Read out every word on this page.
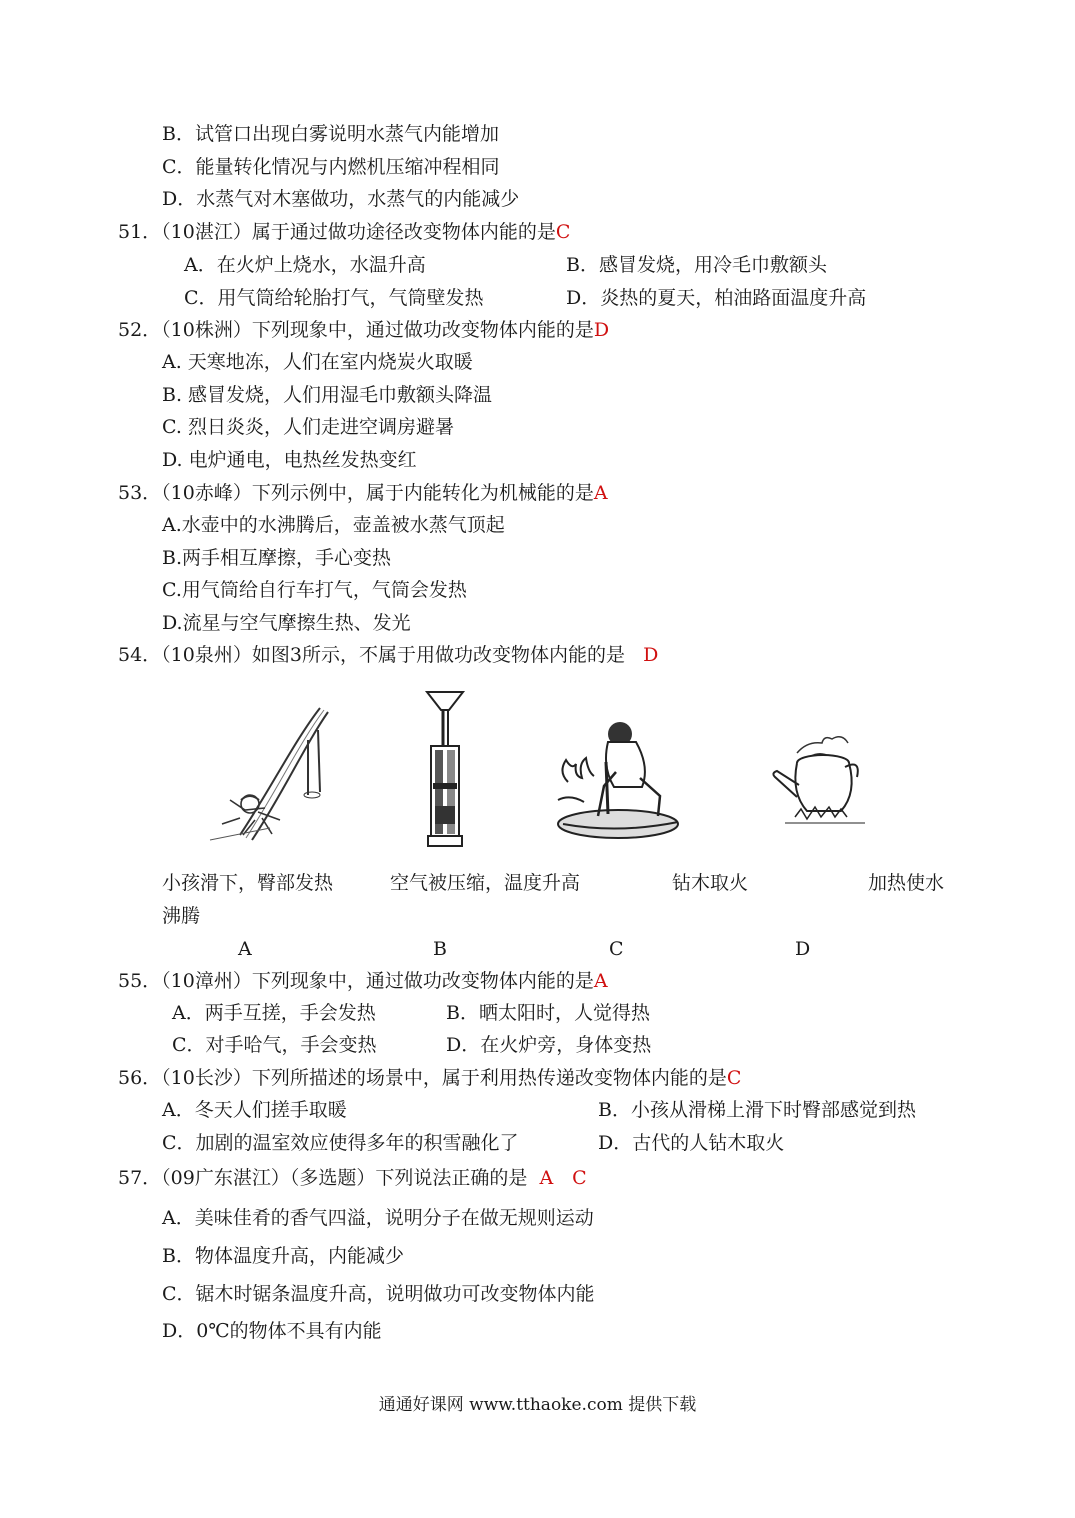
B．试管口出现白雾说明水蒸气内能增加
C．能量转化情况与内燃机压缩冲程相同
D．水蒸气对木塞做功，水蒸气的内能减少
51．（10湛江）属于通过做功途径改变物体内能的是C
A．在火炉上烧水，水温升高	B．感冒发烧，用冷毛巾敷额头
C．用气筒给轮胎打气，气筒壁发热	D．炎热的夏天，柏油路面温度升高
52．（10株洲）下列现象中，通过做功改变物体内能的是D
A. 天寒地冻，人们在室内烧炭火取暖
B. 感冒发烧，人们用湿毛巾敷额头降温
C. 烈日炎炎，人们走进空调房避暑
D. 电炉通电，电热丝发热变红
53．（10赤峰）下列示例中，属于内能转化为机械能的是A
A.水壶中的水沸腾后，壶盖被水蒸气顶起
B.两手相互摩擦，手心变热
C.用气筒给自行车打气，气筒会发热
D.流星与空气摩擦生热、发光
54．（10泉州）如图3所示，不属于用做功改变物体内能的是 D
小孩滑下，臀部发热	空气被压缩，温度升高	钻木取火	加热使水
沸腾
A	B	C	D
55．（10漳州）下列现象中，通过做功改变物体内能的是A
A．两手互搓，手会发热	B．晒太阳时，人觉得热
C．对手哈气，手会变热	D．在火炉旁，身体变热
56．（10长沙）下列所描述的场景中，属于利用热传递改变物体内能的是C
A．冬天人们搓手取暖	B．小孩从滑梯上滑下时臀部感觉到热
C．加剧的温室效应使得多年的积雪融化了	D．古代的人钻木取火
57．（09广东湛江）（多选题）下列说法正确的是 A　C
A．美味佳肴的香气四溢，说明分子在做无规则运动
B．物体温度升高，内能减少
C．锯木时锯条温度升高，说明做功可改变物体内能
D．0℃的物体不具有内能
通通好课网 www.tthaoke.com 提供下载
